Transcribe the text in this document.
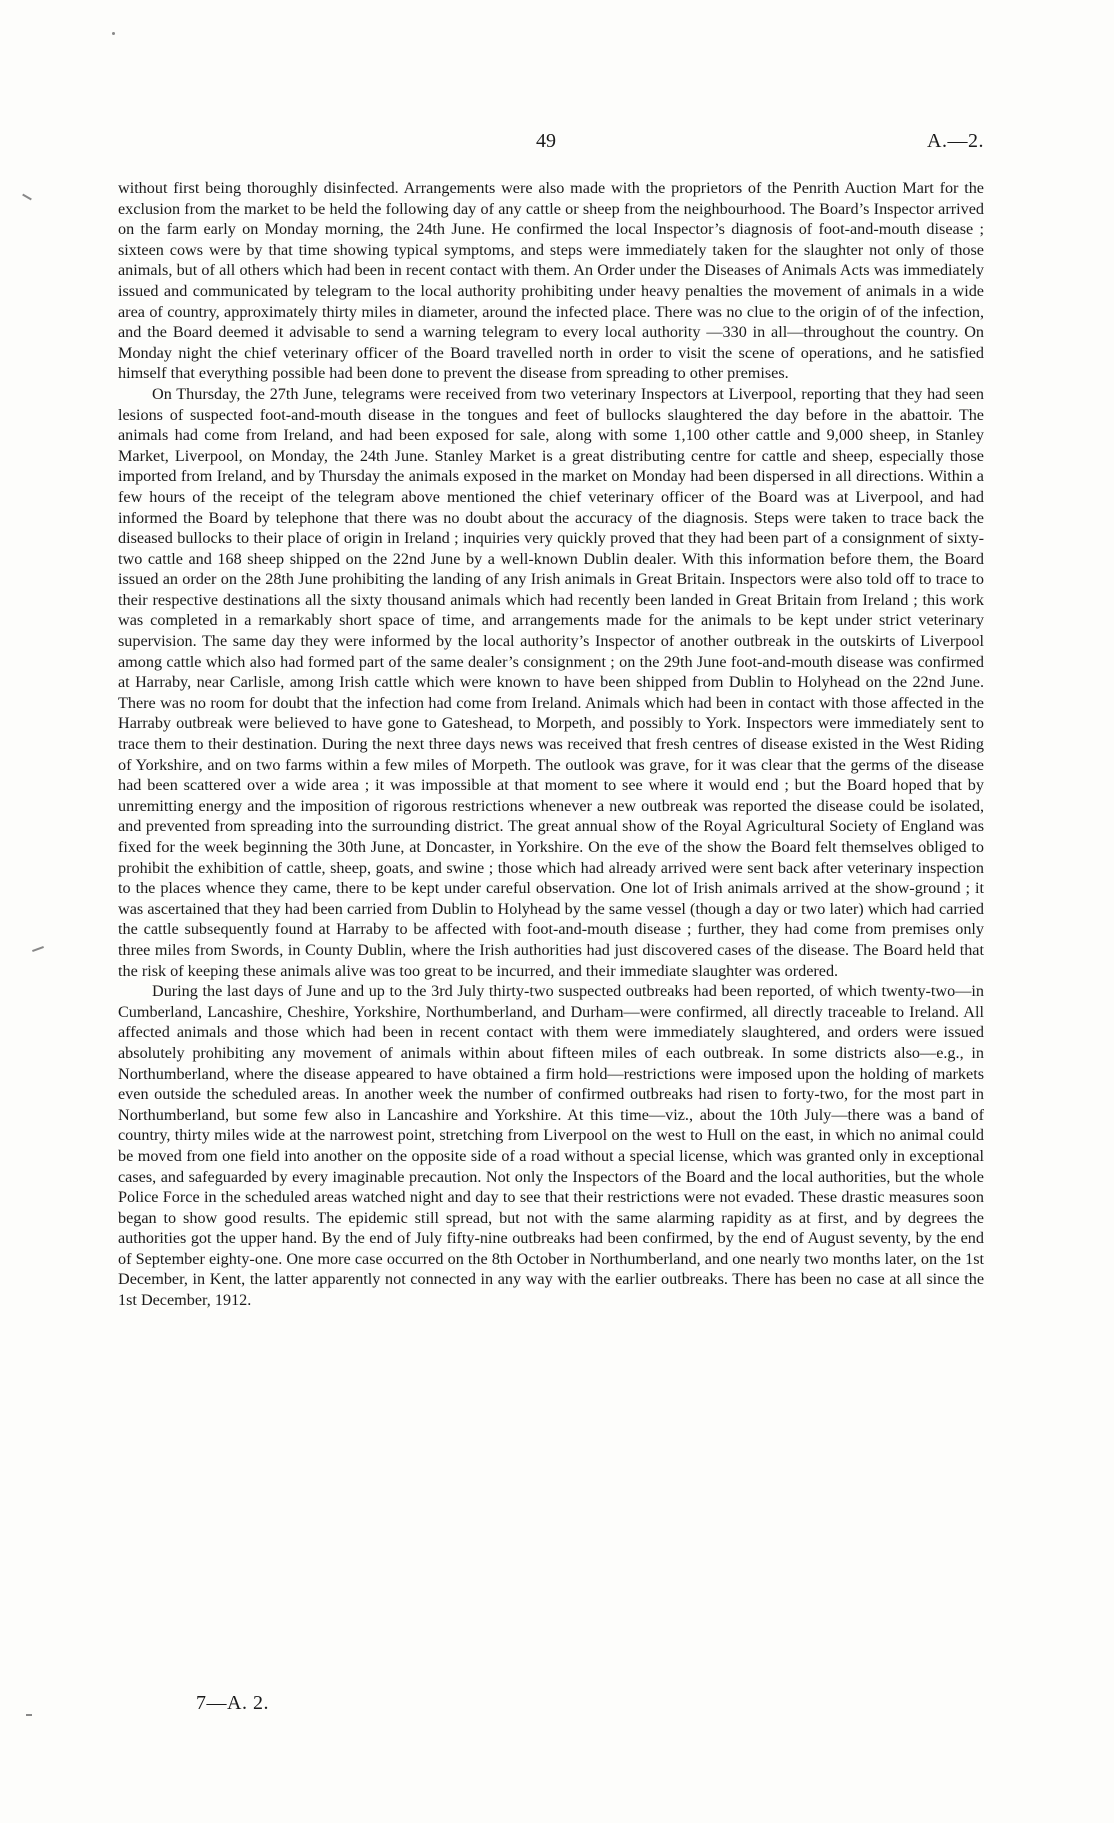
49	A.—2.

without first being thoroughly disinfected. Arrangements were also made with the proprietors of the Penrith Auction Mart for the exclusion from the market to be held the following day of any cattle or sheep from the neighbourhood. The Board’s Inspector arrived on the farm early on Monday morning, the 24th June. He confirmed the local Inspector’s diagnosis of foot-and-mouth disease ; sixteen cows were by that time showing typical symptoms, and steps were immediately taken for the slaughter not only of those animals, but of all others which had been in recent contact with them. An Order under the Diseases of Animals Acts was immediately issued and communicated by telegram to the local authority prohibiting under heavy penalties the movement of animals in a wide area of country, approximately thirty miles in diameter, around the infected place. There was no clue to the origin of of the infection, and the Board deemed it advisable to send a warning telegram to every local authority —330 in all—throughout the country. On Monday night the chief veterinary officer of the Board travelled north in order to visit the scene of operations, and he satisfied himself that everything possible had been done to prevent the disease from spreading to other premises.

On Thursday, the 27th June, telegrams were received from two veterinary Inspectors at Liverpool, reporting that they had seen lesions of suspected foot-and-mouth disease in the tongues and feet of bullocks slaughtered the day before in the abattoir. The animals had come from Ireland, and had been exposed for sale, along with some 1,100 other cattle and 9,000 sheep, in Stanley Market, Liverpool, on Monday, the 24th June. Stanley Market is a great distributing centre for cattle and sheep, especially those imported from Ireland, and by Thursday the animals exposed in the market on Monday had been dispersed in all directions. Within a few hours of the receipt of the telegram above mentioned the chief veterinary officer of the Board was at Liverpool, and had informed the Board by telephone that there was no doubt about the accuracy of the diagnosis. Steps were taken to trace back the diseased bullocks to their place of origin in Ireland ; inquiries very quickly proved that they had been part of a consignment of sixty-two cattle and 168 sheep shipped on the 22nd June by a well-known Dublin dealer. With this information before them, the Board issued an order on the 28th June prohibiting the landing of any Irish animals in Great Britain. Inspectors were also told off to trace to their respective destinations all the sixty thousand animals which had recently been landed in Great Britain from Ireland ; this work was completed in a remarkably short space of time, and arrangements made for the animals to be kept under strict veterinary supervision. The same day they were informed by the local authority’s Inspector of another outbreak in the outskirts of Liverpool among cattle which also had formed part of the same dealer’s consignment ; on the 29th June foot-and-mouth disease was confirmed at Harraby, near Carlisle, among Irish cattle which were known to have been shipped from Dublin to Holyhead on the 22nd June. There was no room for doubt that the infection had come from Ireland. Animals which had been in contact with those affected in the Harraby outbreak were believed to have gone to Gateshead, to Morpeth, and possibly to York. Inspectors were immediately sent to trace them to their destination. During the next three days news was received that fresh centres of disease existed in the West Riding of Yorkshire, and on two farms within a few miles of Morpeth. The outlook was grave, for it was clear that the germs of the disease had been scattered over a wide area ; it was impossible at that moment to see where it would end ; but the Board hoped that by unremitting energy and the imposition of rigorous restrictions whenever a new outbreak was reported the disease could be isolated, and prevented from spreading into the surrounding district. The great annual show of the Royal Agricultural Society of England was fixed for the week beginning the 30th June, at Doncaster, in Yorkshire. On the eve of the show the Board felt themselves obliged to prohibit the exhibition of cattle, sheep, goats, and swine ; those which had already arrived were sent back after veterinary inspection to the places whence they came, there to be kept under careful observation. One lot of Irish animals arrived at the show-ground ; it was ascertained that they had been carried from Dublin to Holyhead by the same vessel (though a day or two later) which had carried the cattle subsequently found at Harraby to be affected with foot-and-mouth disease ; further, they had come from premises only three miles from Swords, in County Dublin, where the Irish authorities had just discovered cases of the disease. The Board held that the risk of keeping these animals alive was too great to be incurred, and their immediate slaughter was ordered.

During the last days of June and up to the 3rd July thirty-two suspected outbreaks had been reported, of which twenty-two—in Cumberland, Lancashire, Cheshire, Yorkshire, Northumberland, and Durham—were confirmed, all directly traceable to Ireland. All affected animals and those which had been in recent contact with them were immediately slaughtered, and orders were issued absolutely prohibiting any movement of animals within about fifteen miles of each outbreak. In some districts also—e.g., in Northumberland, where the disease appeared to have obtained a firm hold—restrictions were imposed upon the holding of markets even outside the scheduled areas. In another week the number of confirmed outbreaks had risen to forty-two, for the most part in Northumberland, but some few also in Lancashire and Yorkshire. At this time—viz., about the 10th July—there was a band of country, thirty miles wide at the narrowest point, stretching from Liverpool on the west to Hull on the east, in which no animal could be moved from one field into another on the opposite side of a road without a special license, which was granted only in exceptional cases, and safeguarded by every imaginable precaution. Not only the Inspectors of the Board and the local authorities, but the whole Police Force in the scheduled areas watched night and day to see that their restrictions were not evaded. These drastic measures soon began to show good results. The epidemic still spread, but not with the same alarming rapidity as at first, and by degrees the authorities got the upper hand. By the end of July fifty-nine outbreaks had been confirmed, by the end of August seventy, by the end of September eighty-one. One more case occurred on the 8th October in Northumberland, and one nearly two months later, on the 1st December, in Kent, the latter apparently not connected in any way with the earlier outbreaks. There has been no case at all since the 1st December, 1912.

7—A. 2.
